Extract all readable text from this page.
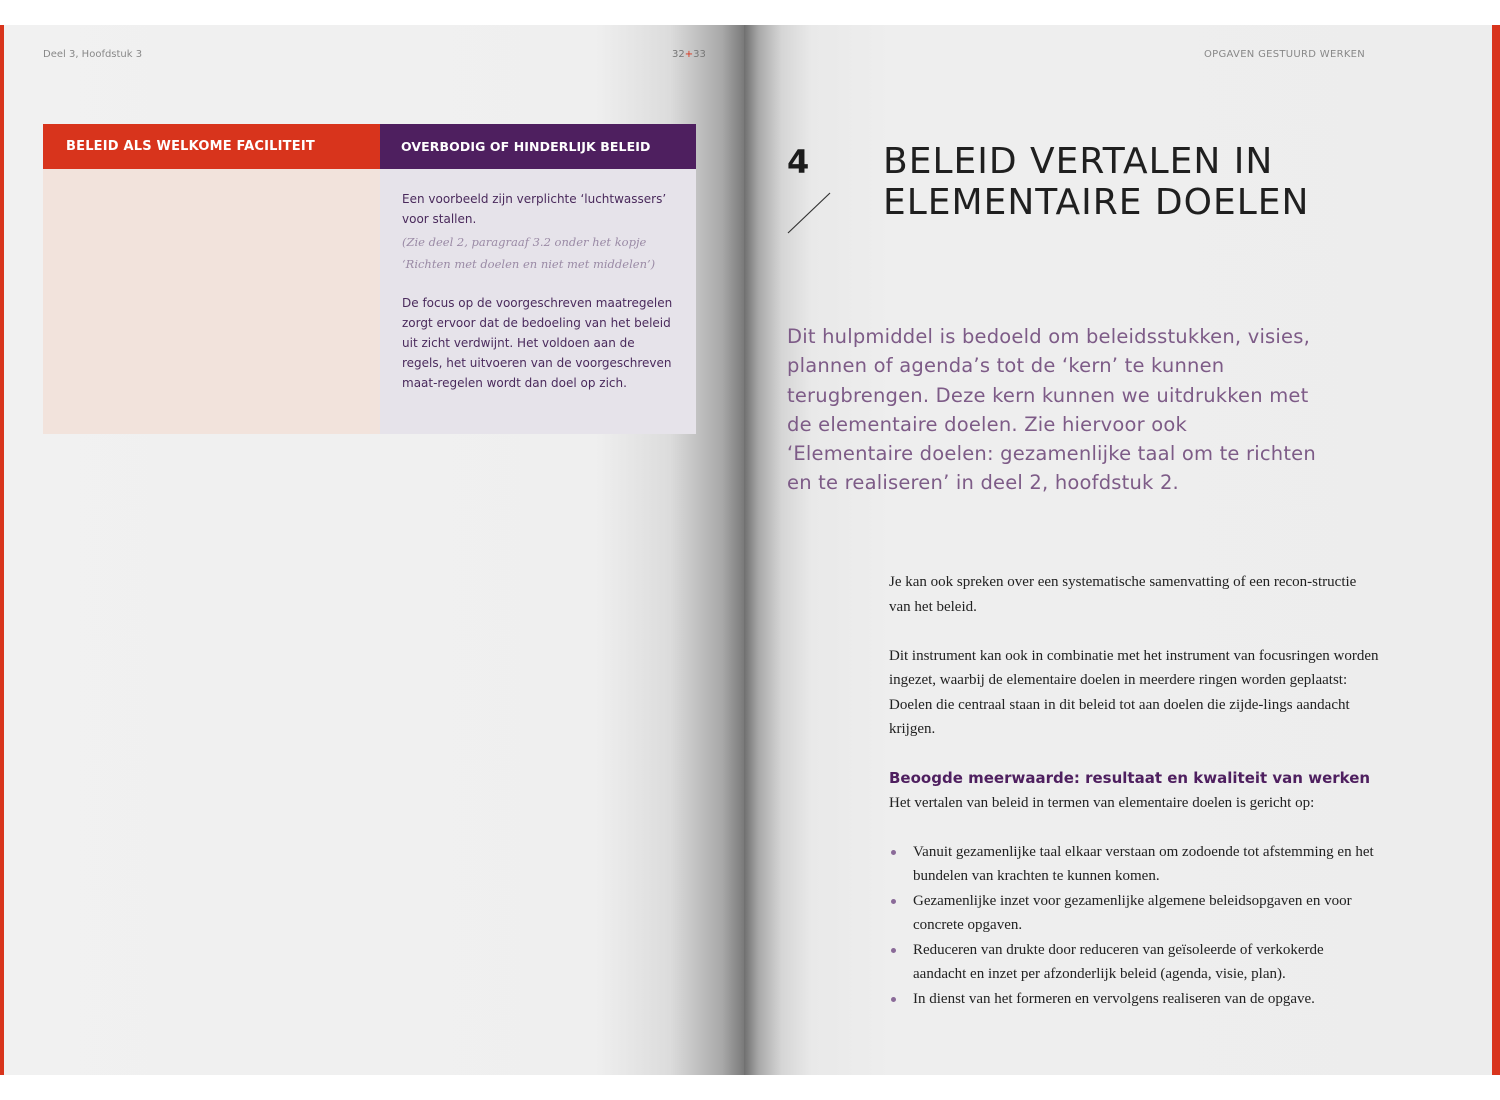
Deel 3, Hoofdstuk 3	32+33
BELEID ALS WELKOME FACILITEIT	OVERBODIG OF HINDERLIJK BELEID

Een voorbeeld zijn verplichte ‘luchtwassers’ voor stallen.

(Zie deel 2, paragraaf 3.2 onder het kopje ‘Richten met doelen en niet met middelen’)

De focus op de voorgeschreven maatregelen zorgt ervoor dat de bedoeling van het beleid uit zicht verdwijnt. Het voldoen aan de regels, het uitvoeren van de voorgeschreven maat-regelen wordt dan doel op zich.

OPGAVEN GESTUURD WERKEN
4 BELEID VERTALEN IN
ELEMENTAIRE DOELEN

Dit hulpmiddel is bedoeld om beleidsstukken, visies, plannen of agenda’s tot de ‘kern’ te kunnen terugbrengen. Deze kern kunnen we uitdrukken met de elementaire doelen. Zie hiervoor ook ‘Elementaire doelen: gezamenlijke taal om te richten en te realiseren’ in deel 2, hoofdstuk 2.

Je kan ook spreken over een systematische samenvatting of een recon-structie van het beleid.

Dit instrument kan ook in combinatie met het instrument van focusringen worden ingezet, waarbij de elementaire doelen in meerdere ringen worden geplaatst: Doelen die centraal staan in dit beleid tot aan doelen die zijde-lings aandacht krijgen.

Beoogde meerwaarde: resultaat en kwaliteit van werken

Het vertalen van beleid in termen van elementaire doelen is gericht op:

Vanuit gezamenlijke taal elkaar verstaan om zodoende tot afstemming en het bundelen van krachten te kunnen komen.
Gezamenlijke inzet voor gezamenlijke algemene beleidsopgaven en voor concrete opgaven.
Reduceren van drukte door reduceren van geïsoleerde of verkokerde aandacht en inzet per afzonderlijk beleid (agenda, visie, plan).
In dienst van het formeren en vervolgens realiseren van de opgave.
